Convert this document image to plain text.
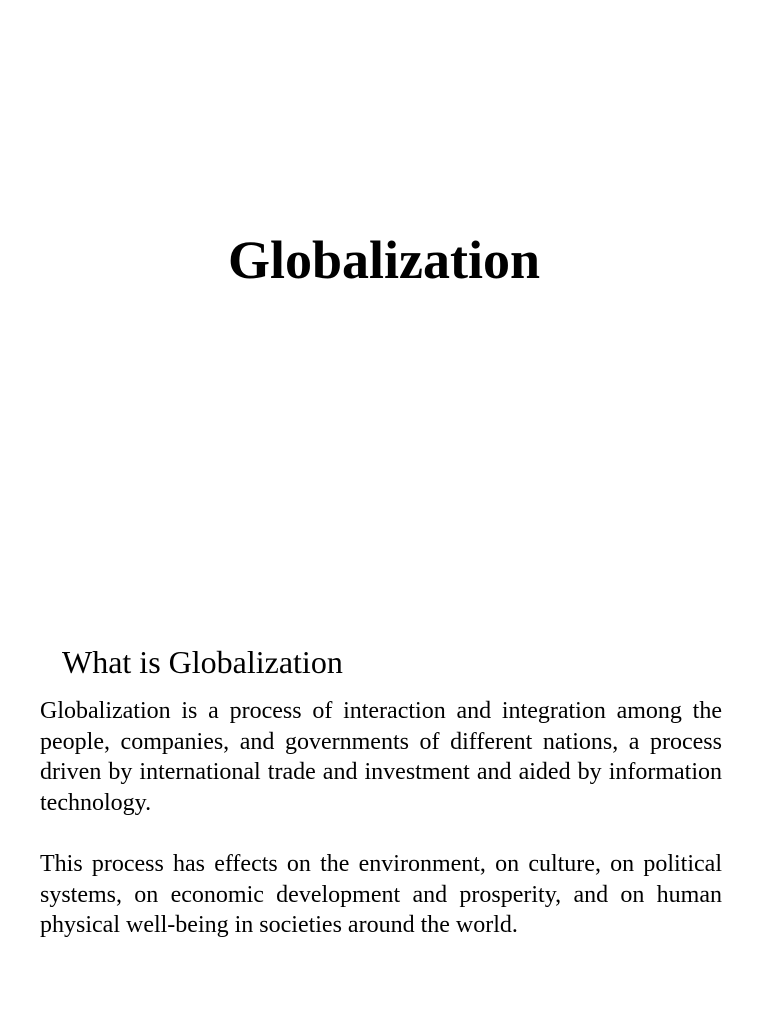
Globalization
What is Globalization

Globalization is a process of interaction and integration among the people, companies, and governments of different nations, a process driven by international trade and investment and aided by information technology.

This process has effects on the environment, on culture, on political systems, on economic development and prosperity, and on human physical well-being in societies around the world.
